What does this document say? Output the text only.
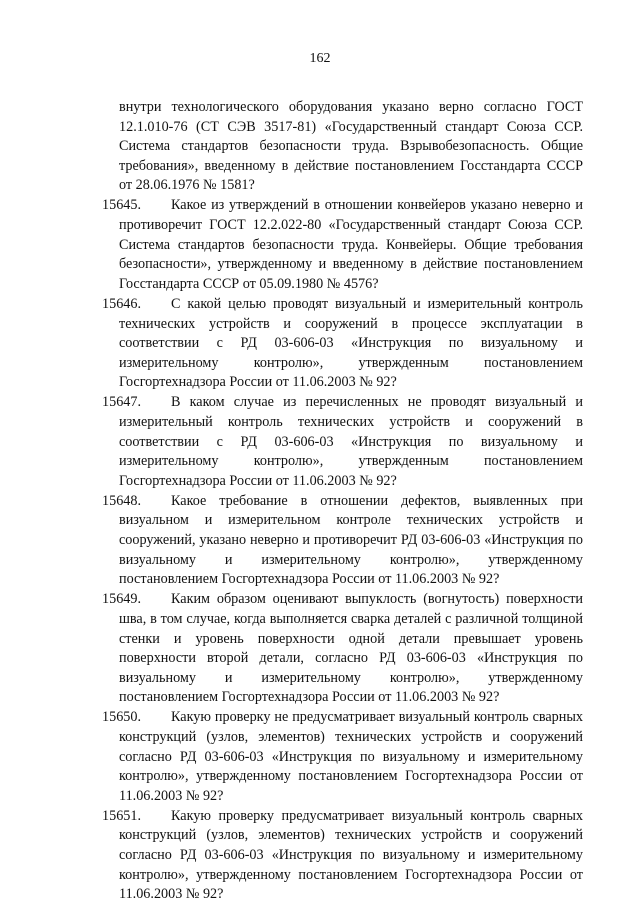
162
внутри технологического оборудования указано верно согласно ГОСТ 12.1.010-76 (СТ СЭВ 3517-81) «Государственный стандарт Союза ССР. Система стандартов безопасности труда. Взрывобезопасность. Общие требования», введенному в действие постановлением Госстандарта СССР от 28.06.1976 № 1581?
15645. Какое из утверждений в отношении конвейеров указано неверно и противоречит ГОСТ 12.2.022-80 «Государственный стандарт Союза ССР. Система стандартов безопасности труда. Конвейеры. Общие требования безопасности», утвержденному и введенному в действие постановлением Госстандарта СССР от 05.09.1980 № 4576?
15646. С какой целью проводят визуальный и измерительный контроль технических устройств и сооружений в процессе эксплуатации в соответствии с РД 03-606-03 «Инструкция по визуальному и измерительному контролю», утвержденным постановлением Госгортехнадзора России от 11.06.2003 № 92?
15647. В каком случае из перечисленных не проводят визуальный и измерительный контроль технических устройств и сооружений в соответствии с РД 03-606-03 «Инструкция по визуальному и измерительному контролю», утвержденным постановлением Госгортехнадзора России от 11.06.2003 № 92?
15648. Какое требование в отношении дефектов, выявленных при визуальном и измерительном контроле технических устройств и сооружений, указано неверно и противоречит РД 03-606-03 «Инструкция по визуальному и измерительному контролю», утвержденному постановлением Госгортехнадзора России от 11.06.2003 № 92?
15649. Каким образом оценивают выпуклость (вогнутость) поверхности шва, в том случае, когда выполняется сварка деталей с различной толщиной стенки и уровень поверхности одной детали превышает уровень поверхности второй детали, согласно РД 03-606-03 «Инструкция по визуальному и измерительному контролю», утвержденному постановлением Госгортехнадзора России от 11.06.2003 № 92?
15650. Какую проверку не предусматривает визуальный контроль сварных конструкций (узлов, элементов) технических устройств и сооружений согласно РД 03-606-03 «Инструкция по визуальному и измерительному контролю», утвержденному постановлением Госгортехнадзора России от 11.06.2003 № 92?
15651. Какую проверку предусматривает визуальный контроль сварных конструкций (узлов, элементов) технических устройств и сооружений согласно РД 03-606-03 «Инструкция по визуальному и измерительному контролю», утвержденному постановлением Госгортехнадзора России от 11.06.2003 № 92?
